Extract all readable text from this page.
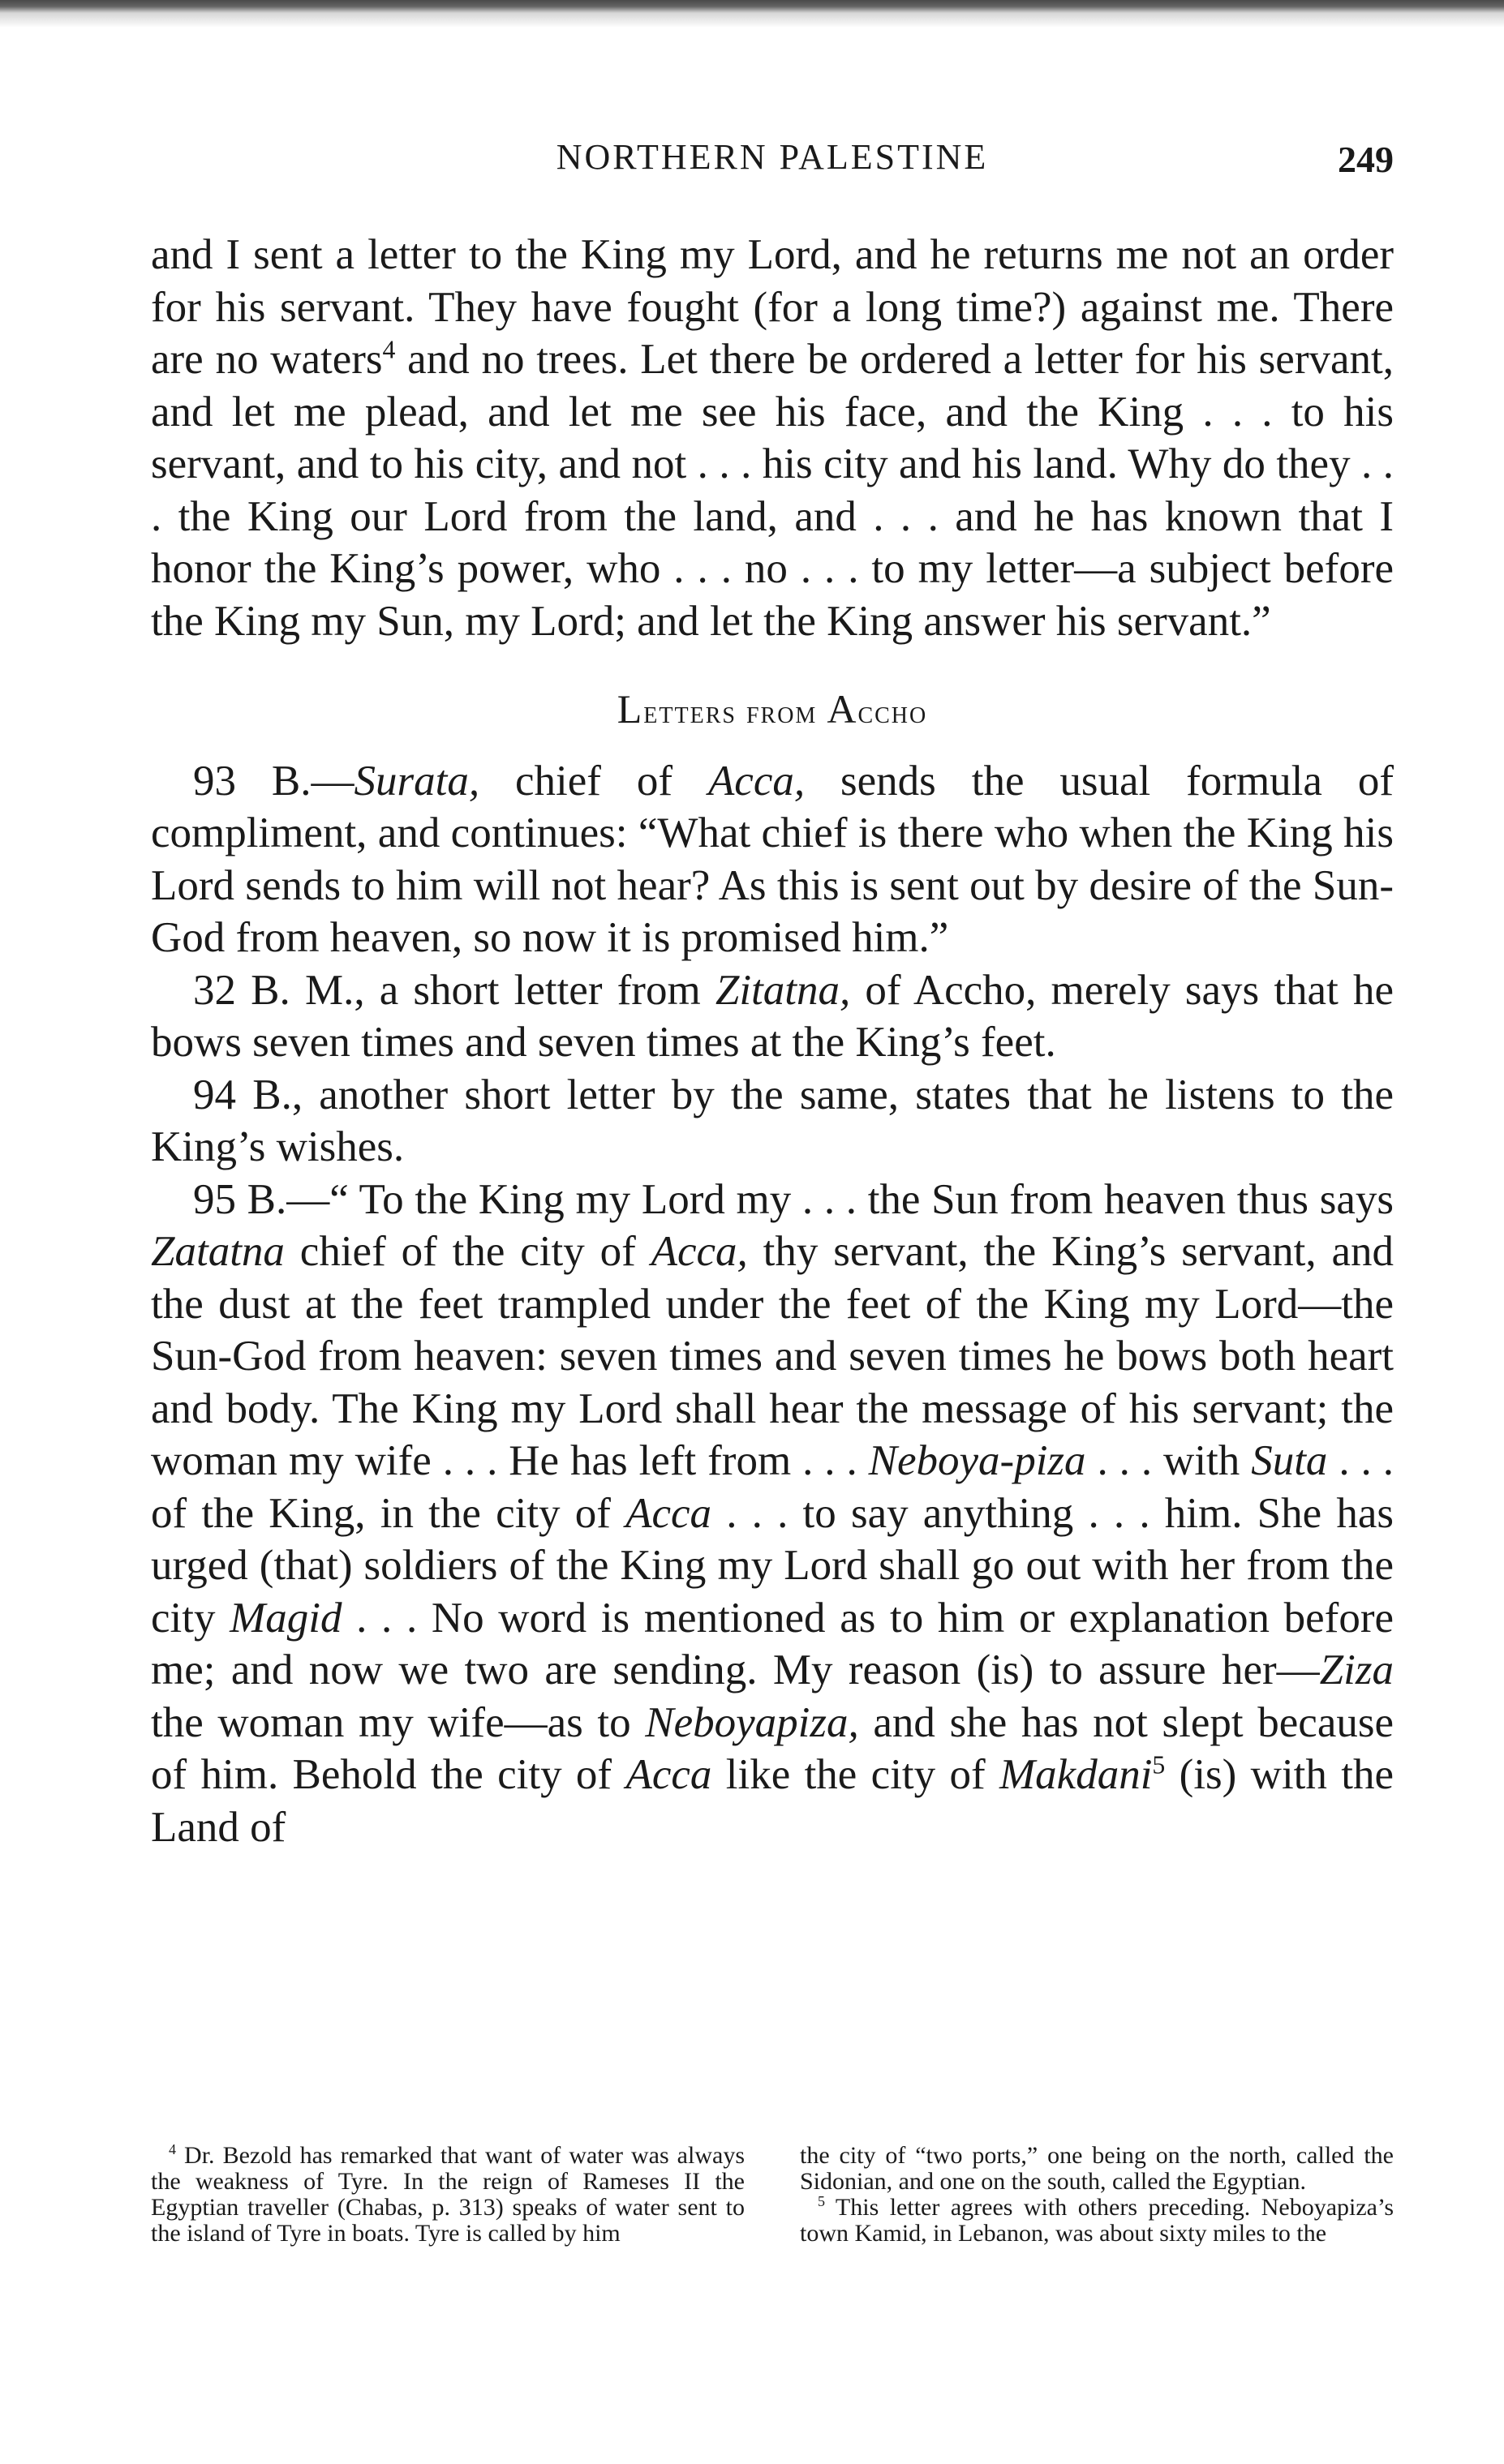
NORTHERN PALESTINE	249

and I sent a letter to the King my Lord, and he returns me not an order for his servant. They have fought (for a long time?) against me. There are no waters$^4$ and no trees. Let there be ordered a letter for his servant, and let me plead, and let me see his face, and the King . . . to his servant, and to his city, and not . . . his city and his land. Why do they . . . the King our Lord from the land, and . . . and he has known that I honor the King’s power, who . . . no . . . to my letter—a subject before the King my Sun, my Lord; and let the King answer his servant.”

Letters from Accho

93 B.—Surata, chief of Acca, sends the usual formula of compliment, and continues: “What chief is there who when the King his Lord sends to him will not hear? As this is sent out by desire of the Sun-God from heaven, so now it is promised him.”

32 B. M., a short letter from Zitatna, of Accho, merely says that he bows seven times and seven times at the King’s feet.

94 B., another short letter by the same, states that he listens to the King’s wishes.

95 B.—“ To the King my Lord my . . . the Sun from heaven thus says Zatatna chief of the city of Acca, thy servant, the King’s servant, and the dust at the feet trampled under the feet of the King my Lord—the Sun-God from heaven: seven times and seven times he bows both heart and body. The King my Lord shall hear the message of his servant; the woman my wife . . . He has left from . . . Neboya-piza . . . with Suta . . . of the King, in the city of Acca . . . to say anything . . . him. She has urged (that) soldiers of the King my Lord shall go out with her from the city Magid . . . No word is mentioned as to him or explanation before me; and now we two are sending. My reason (is) to assure her—Ziza the woman my wife—as to Neboyapiza, and she has not slept because of him. Behold the city of Acca like the city of Makdani$^5$ (is) with the Land of

$^4$ Dr. Bezold has remarked that want of water was always the weakness of Tyre. In the reign of Rameses II the Egyptian traveller (Chabas, p. 313) speaks of water sent to the island of Tyre in boats. Tyre is called by him

the city of “two ports,” one being on the north, called the Sidonian, and one on the south, called the Egyptian.

$^5$ This letter agrees with others preceding. Neboyapiza’s town Kamid, in Lebanon, was about sixty miles to the
